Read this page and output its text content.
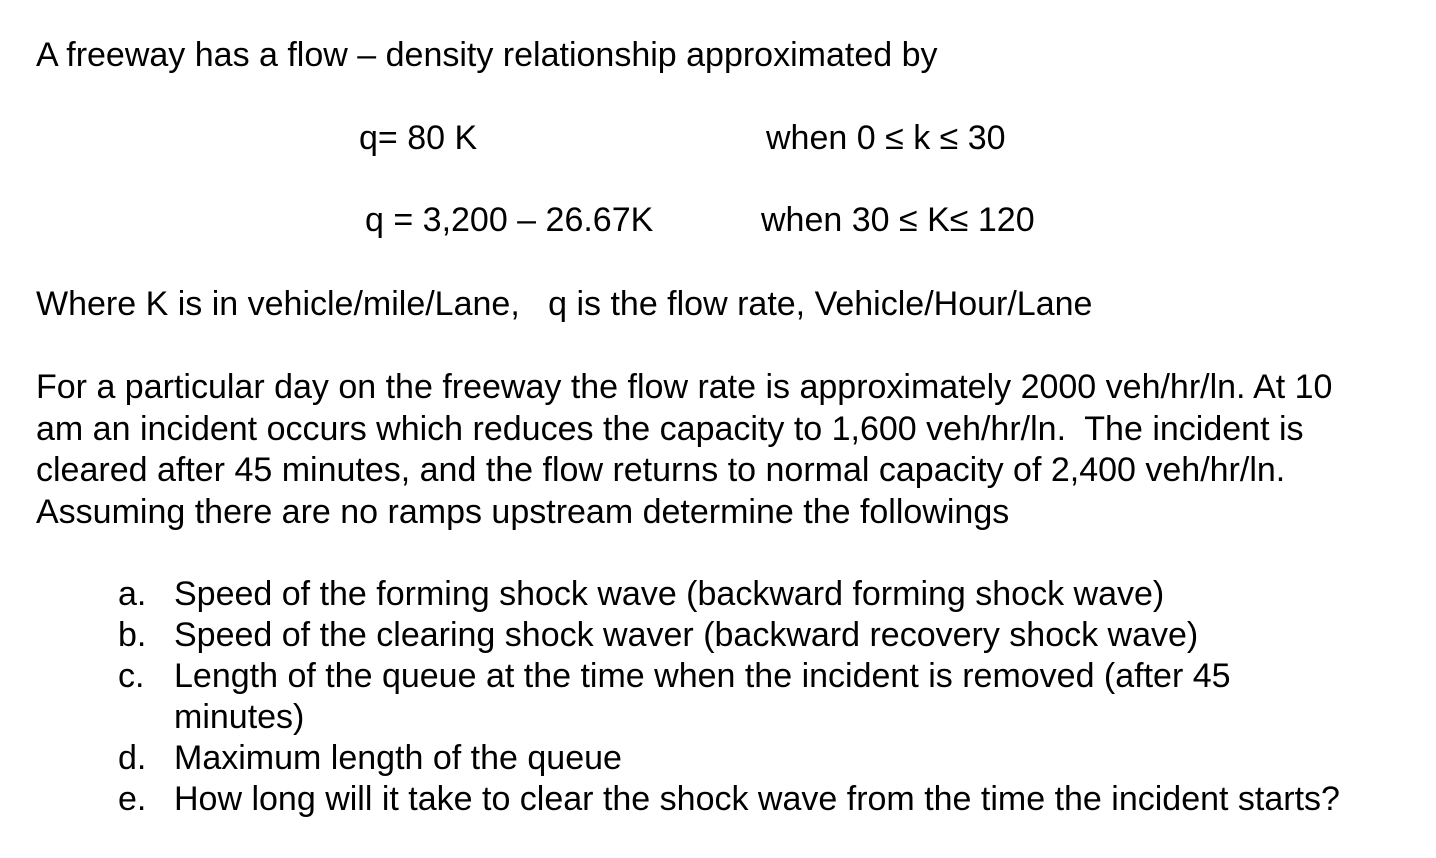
A freeway has a flow – density relationship approximated by

q= 80 K	when 0 ≤ k ≤ 30

q = 3,200 – 26.67K	when 30 ≤ K≤ 120

Where K is in vehicle/mile/Lane,   q is the flow rate, Vehicle/Hour/Lane

For a particular day on the freeway the flow rate is approximately 2000 veh/hr/ln. At 10
am an incident occurs which reduces the capacity to 1,600 veh/hr/ln.  The incident is
cleared after 45 minutes, and the flow returns to normal capacity of 2,400 veh/hr/ln.
Assuming there are no ramps upstream determine the followings
a. Speed of the forming shock wave (backward forming shock wave)
b. Speed of the clearing shock waver (backward recovery shock wave)
c. Length of the queue at the time when the incident is removed (after 45
minutes)
d. Maximum length of the queue
e. How long will it take to clear the shock wave from the time the incident starts?
